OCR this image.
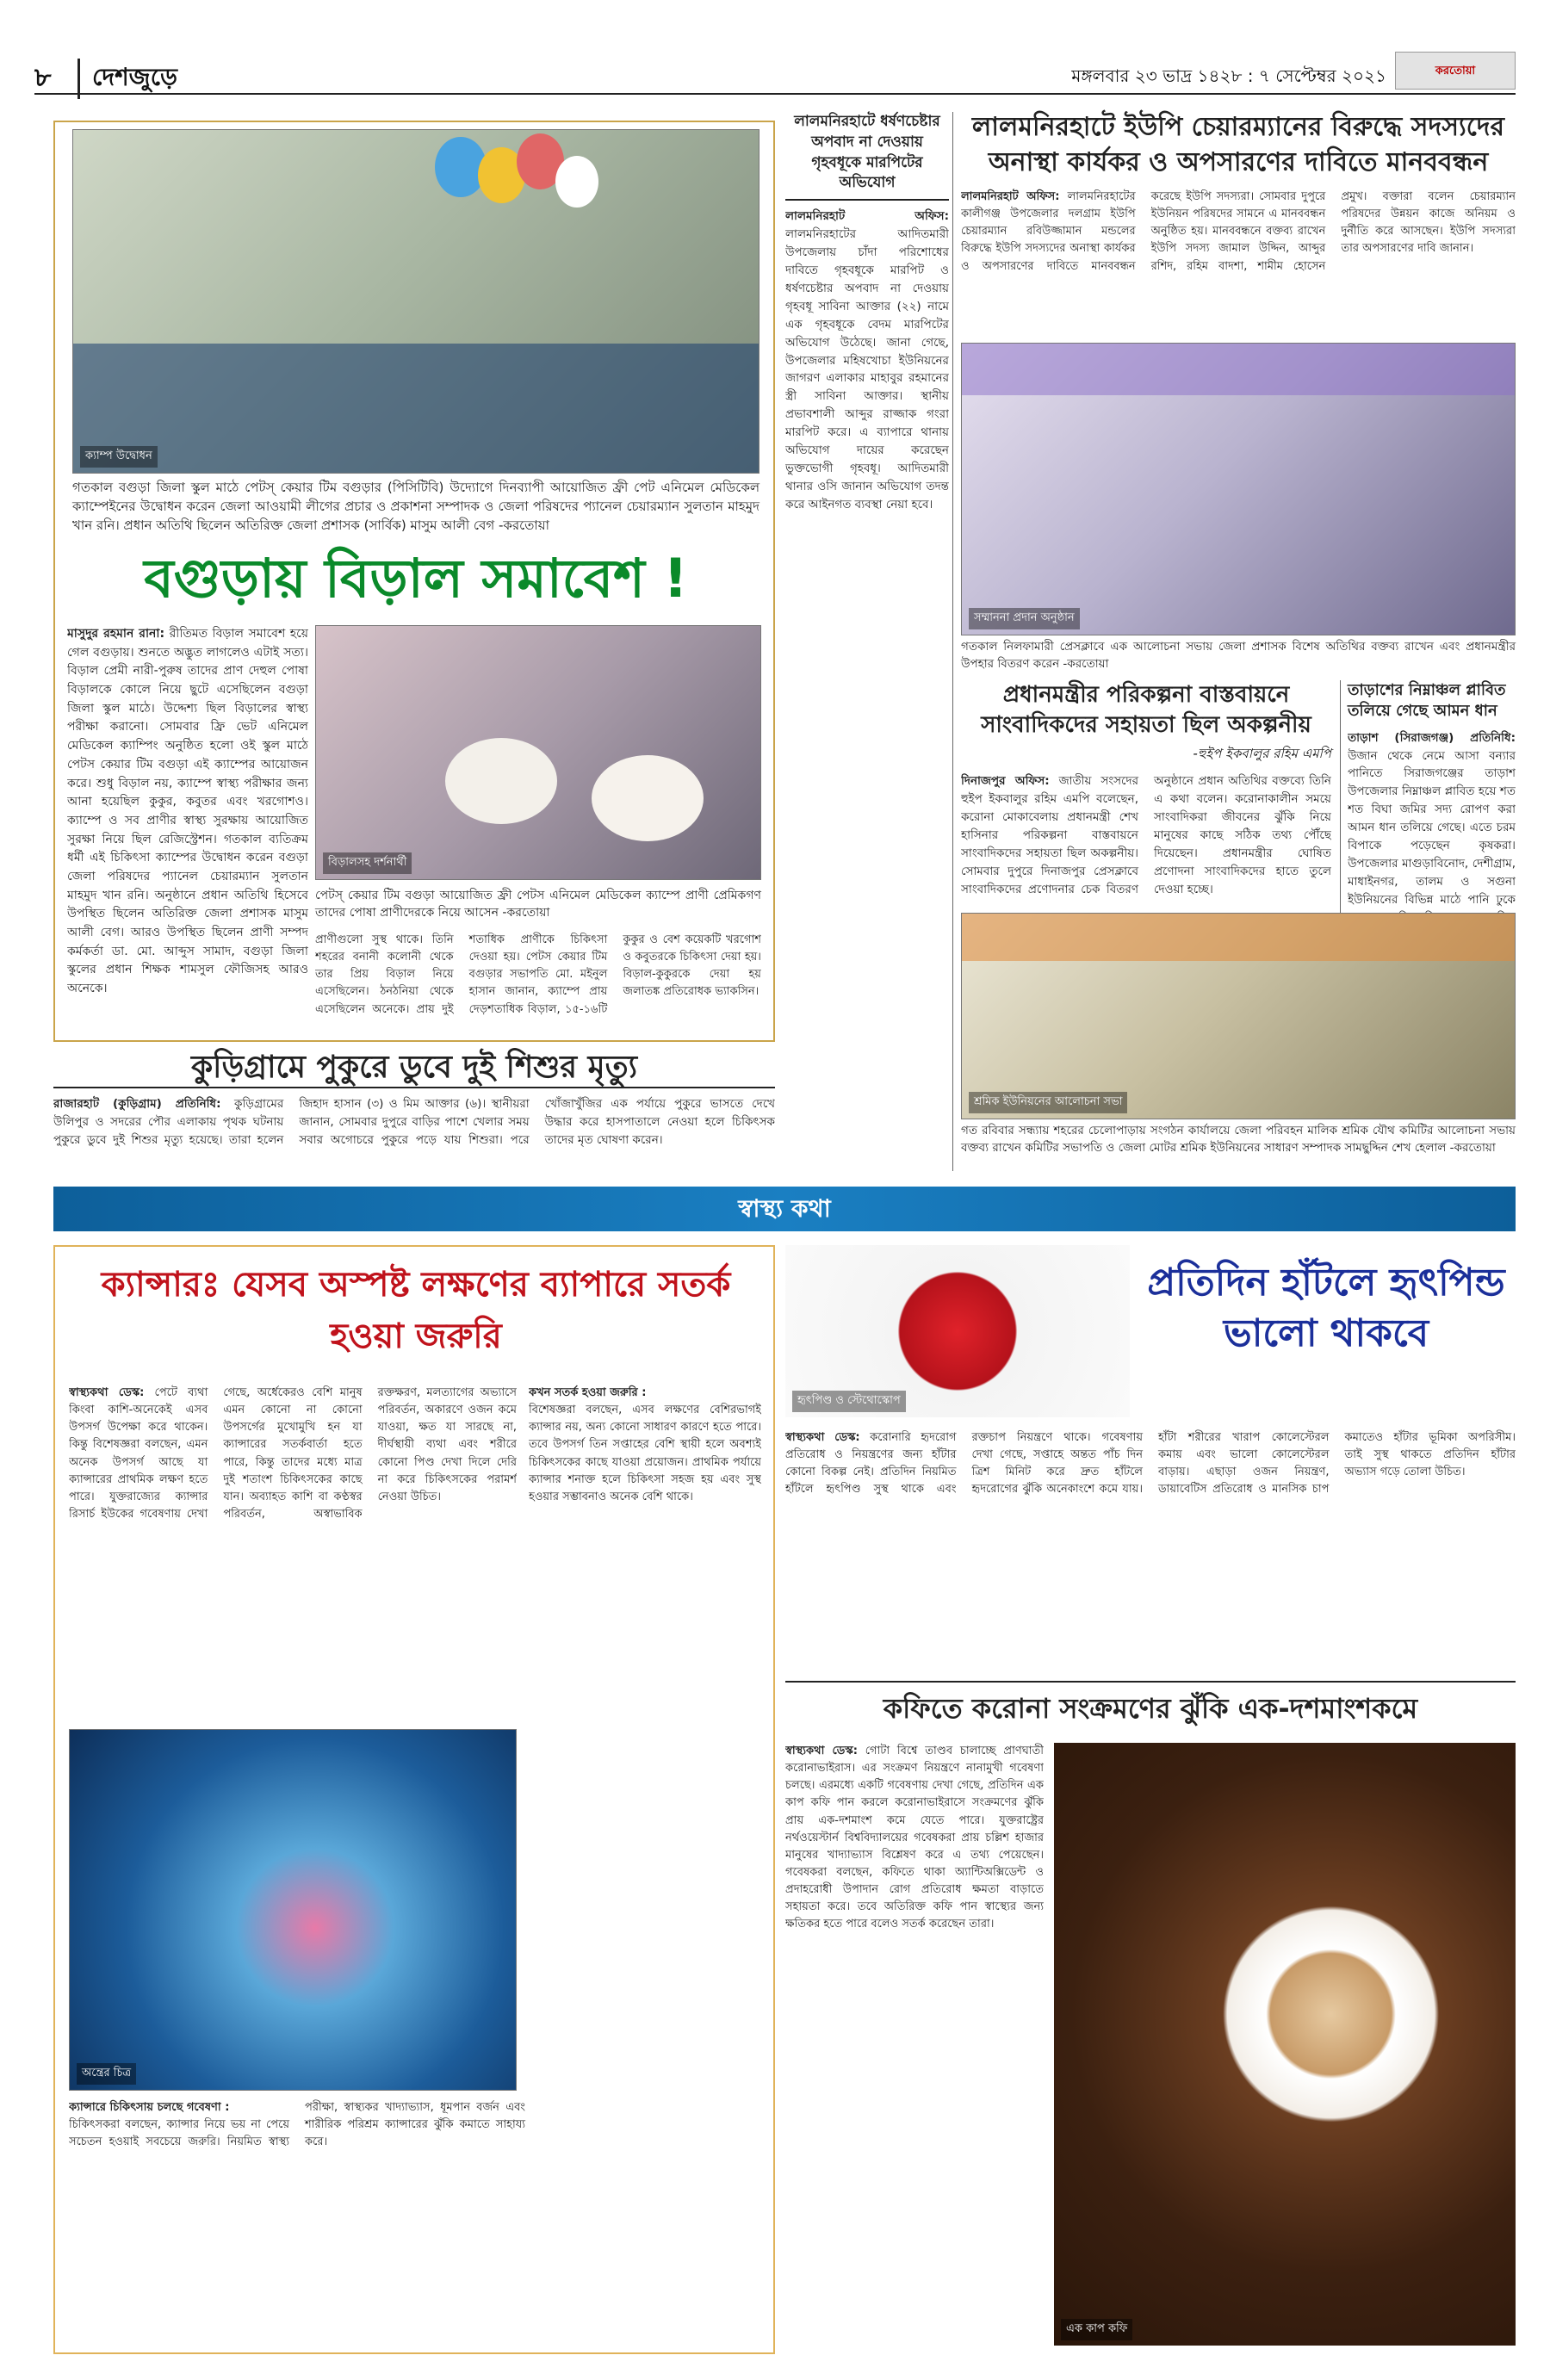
৮	দেশজুড়ে	মঙ্গলবার ২৩ ভাদ্র ১৪২৮ : ৭ সেপ্টেম্বর ২০২১	করতোয়া
ক্যাম্প উদ্বোধন

গতকাল বগুড়া জিলা স্কুল মাঠে পেটস্ কেয়ার টিম বগুড়ার (পিসিটিবি) উদ্যোগে দিনব্যাপী আয়োজিত ফ্রী পেট এনিমেল মেডিকেল ক্যাম্পেইনের উদ্বোধন করেন জেলা আওয়ামী লীগের প্রচার ও প্রকাশনা সম্পাদক ও জেলা পরিষদের প্যানেল চেয়ারম্যান সুলতান মাহমুদ খান রনি। প্রধান অতিথি ছিলেন অতিরিক্ত জেলা প্রশাসক (সার্বিক) মাসুম আলী বেগ -করতোয়া

বগুড়ায় বিড়াল সমাবেশ !
মাসুদুর রহমান রানা: রীতিমত বিড়াল সমাবেশ হয়ে গেল বগুড়ায়। শুনতে অদ্ভুত লাগলেও এটাই সত্য। বিড়াল প্রেমী নারী-পুরুষ তাদের প্রাণ দেহুল পোষা বিড়ালকে কোলে নিয়ে ছুটে এসেছিলেন বগুড়া জিলা স্কুল মাঠে। উদ্দেশ্য ছিল বিড়ালের স্বাস্থ্য পরীক্ষা করানো। সোমবার ফ্রি ভেট এনিমেল মেডিকেল ক্যাম্পিং অনুষ্ঠিত হলো ওই স্কুল মাঠে পেটস কেয়ার টিম বগুড়া এই ক্যাম্পের আয়োজন করে। শুধু বিড়াল নয়, ক্যাম্পে স্বাস্থ্য পরীক্ষার জন্য আনা হয়েছিল কুকুর, কবুতর এবং খরগোশও। ক্যাম্পে ও সব প্রাণীর স্বাস্থ্য সুরক্ষায় আয়োজিত সুরক্ষা নিয়ে ছিল রেজিস্ট্রেশন। গতকাল ব্যতিক্রম ধর্মী এই চিকিৎসা ক্যাম্পের উদ্বোধন করেন বগুড়া জেলা পরিষদের প্যানেল চেয়ারম্যান সুলতান মাহমুদ খান রনি। অনুষ্ঠানে প্রধান অতিথি হিসেবে উপস্থিত ছিলেন অতিরিক্ত জেলা প্রশাসক মাসুম আলী বেগ। আরও উপস্থিত ছিলেন প্রাণী সম্পদ কর্মকর্তা ডা. মো. আব্দুস সামাদ, বগুড়া জিলা স্কুলের প্রধান শিক্ষক শামসুল ফৌজিসহ আরও অনেকে।
বিড়ালসহ দর্শনার্থী

পেটস্ কেয়ার টিম বগুড়া আয়োজিত ফ্রী পেটস এনিমেল মেডিকেল ক্যাম্পে প্রাণী প্রেমিকগণ তাদের পোষা প্রাণীদেরকে নিয়ে আসেন -করতোয়া

প্রাণীগুলো সুস্থ থাকে। তিনি শহরের বনানী কলোনী থেকে তার প্রিয় বিড়াল নিয়ে এসেছিলেন। ঠনঠনিয়া থেকে এসেছিলেন অনেকে। প্রায় দুই শতাধিক প্রাণীকে চিকিৎসা দেওয়া হয়। পেটস কেয়ার টিম বগুড়ার সভাপতি মো. মইনুল হাসান জানান, ক্যাম্পে প্রায় দেড়শতাধিক বিড়াল, ১৫-১৬টি কুকুর ও বেশ কয়েকটি খরগোশ ও কবুতরকে চিকিৎসা দেয়া হয়। বিড়াল-কুকুরকে দেয়া হয় জলাতঙ্ক প্রতিরোধক ভ্যাকসিন।
কুড়িগ্রামে পুকুরে ডুবে দুই শিশুর মৃত্যু
রাজারহাট (কুড়িগ্রাম) প্রতিনিধি: কুড়িগ্রামের উলিপুর ও সদরের পৌর এলাকায় পৃথক ঘটনায় পুকুরে ডুবে দুই শিশুর মৃত্যু হয়েছে। তারা হলেন জিহাদ হাসান (৩) ও মিম আক্তার (৬)। স্থানীয়রা জানান, সোমবার দুপুরে বাড়ির পাশে খেলার সময় সবার অগোচরে পুকুরে পড়ে যায় শিশুরা। পরে খোঁজাখুঁজির এক পর্যায়ে পুকুরে ভাসতে দেখে উদ্ধার করে হাসপাতালে নেওয়া হলে চিকিৎসক তাদের মৃত ঘোষণা করেন।
লালমনিরহাটে ধর্ষণচেষ্টার অপবাদ না দেওয়ায় গৃহবধূকে মারপিটের অভিযোগ
লালমনিরহাট অফিস: লালমনিরহাটের আদিতমারী উপজেলায় চাঁদা পরিশোধের দাবিতে গৃহবধূকে মারপিট ও ধর্ষণচেষ্টার অপবাদ না দেওয়ায় গৃহবধূ সাবিনা আক্তার (২২) নামে এক গৃহবধূকে বেদম মারপিটের অভিযোগ উঠেছে। জানা গেছে, উপজেলার মহিষখোচা ইউনিয়নের জাগরণ এলাকার মাহাবুর রহমানের স্ত্রী সাবিনা আক্তার। স্থানীয় প্রভাবশালী আব্দুর রাজ্জাক গংরা মারপিট করে। এ ব্যাপারে থানায় অভিযোগ দায়ের করেছেন ভুক্তভোগী গৃহবধূ। আদিতমারী থানার ওসি জানান অভিযোগ তদন্ত করে আইনগত ব্যবস্থা নেয়া হবে।
লালমনিরহাটে ইউপি চেয়ারম্যানের বিরুদ্ধে সদস্যদের অনাস্থা কার্যকর ও অপসারণের দাবিতে মানববন্ধন
লালমনিরহাট অফিস: লালমনিরহাটের কালীগঞ্জ উপজেলার দলগ্রাম ইউপি চেয়ারম্যান রবিউজ্জামান মন্ডলের বিরুদ্ধে ইউপি সদস্যদের অনাস্থা কার্যকর ও অপসারণের দাবিতে মানববন্ধন করেছে ইউপি সদস্যরা। সোমবার দুপুরে ইউনিয়ন পরিষদের সামনে এ মানববন্ধন অনুষ্ঠিত হয়। মানববন্ধনে বক্তব্য রাখেন ইউপি সদস্য জামাল উদ্দিন, আব্দুর রশিদ, রহিম বাদশা, শামীম হোসেন প্রমুখ। বক্তারা বলেন চেয়ারম্যান পরিষদের উন্নয়ন কাজে অনিয়ম ও দুর্নীতি করে আসছেন। ইউপি সদস্যরা তার অপসারণের দাবি জানান।
সম্মাননা প্রদান অনুষ্ঠান

গতকাল নিলফামারী প্রেসক্লাবে এক আলোচনা সভায় জেলা প্রশাসক বিশেষ অতিথির বক্তব্য রাখেন এবং প্রধানমন্ত্রীর উপহার বিতরণ করেন -করতোয়া

প্রধানমন্ত্রীর পরিকল্পনা বাস্তবায়নে সাংবাদিকদের সহায়তা ছিল অকল্পনীয়
-হুইপ ইকবালুর রহিম এমপি
দিনাজপুর অফিস: জাতীয় সংসদের হুইপ ইকবালুর রহিম এমপি বলেছেন, করোনা মোকাবেলায় প্রধানমন্ত্রী শেখ হাসিনার পরিকল্পনা বাস্তবায়নে সাংবাদিকদের সহায়তা ছিল অকল্পনীয়। সোমবার দুপুরে দিনাজপুর প্রেসক্লাবে সাংবাদিকদের প্রণোদনার চেক বিতরণ অনুষ্ঠানে প্রধান অতিথির বক্তব্যে তিনি এ কথা বলেন। করোনাকালীন সময়ে সাংবাদিকরা জীবনের ঝুঁকি নিয়ে মানুষের কাছে সঠিক তথ্য পৌঁছে দিয়েছেন। প্রধানমন্ত্রীর ঘোষিত প্রণোদনা সাংবাদিকদের হাতে তুলে দেওয়া হচ্ছে।
তাড়াশের নিম্নাঞ্চল প্লাবিত তলিয়ে গেছে আমন ধান
তাড়াশ (সিরাজগঞ্জ) প্রতিনিধি: উজান থেকে নেমে আসা বন্যার পানিতে সিরাজগঞ্জের তাড়াশ উপজেলার নিম্নাঞ্চল প্লাবিত হয়ে শত শত বিঘা জমির সদ্য রোপণ করা আমন ধান তলিয়ে গেছে। এতে চরম বিপাকে পড়েছেন কৃষকরা। উপজেলার মাগুড়াবিনোদ, দেশীগ্রাম, মাধাইনগর, তালম ও সগুনা ইউনিয়নের বিভিন্ন মাঠে পানি ঢুকে
শ্রমিক ইউনিয়নের আলোচনা সভা

গত রবিবার সন্ধ্যায় শহরের চেলোপাড়ায় সংগঠন কার্যালয়ে জেলা পরিবহন মালিক শ্রমিক যৌথ কমিটির আলোচনা সভায় বক্তব্য রাখেন কমিটির সভাপতি ও জেলা মোটর শ্রমিক ইউনিয়নের সাধারণ সম্পাদক সামছুদ্দিন শেখ হেলাল -করতোয়া

স্বাস্থ্য কথা
ক্যান্সারঃ যেসব অস্পষ্ট লক্ষণের ব্যাপারে সতর্ক হওয়া জরুরি
স্বাস্থ্যকথা ডেস্ক: পেটে ব্যথা কিংবা কাশি-অনেকেই এসব উপসর্গ উপেক্ষা করে থাকেন। কিন্তু বিশেষজ্ঞরা বলছেন, এমন অনেক উপসর্গ আছে যা ক্যান্সারের প্রাথমিক লক্ষণ হতে পারে। যুক্তরাজ্যের ক্যান্সার রিসার্চ ইউকের গবেষণায় দেখা গেছে, অর্ধেকেরও বেশি মানুষ এমন কোনো না কোনো উপসর্গের মুখোমুখি হন যা ক্যান্সারের সতর্কবার্তা হতে পারে, কিন্তু তাদের মধ্যে মাত্র দুই শতাংশ চিকিৎসকের কাছে যান। অব্যাহত কাশি বা কণ্ঠস্বর পরিবর্তন, অস্বাভাবিক রক্তক্ষরণ, মলত্যাগের অভ্যাসে পরিবর্তন, অকারণে ওজন কমে যাওয়া, ক্ষত যা সারছে না, দীর্ঘস্থায়ী ব্যথা এবং শরীরে কোনো পিণ্ড দেখা দিলে দেরি না করে চিকিৎসকের পরামর্শ নেওয়া উচিত।
কখন সতর্ক হওয়া জরুরি :
বিশেষজ্ঞরা বলছেন, এসব লক্ষণের বেশিরভাগই ক্যান্সার নয়, অন্য কোনো সাধারণ কারণে হতে পারে। তবে উপসর্গ তিন সপ্তাহের বেশি স্থায়ী হলে অবশ্যই চিকিৎসকের কাছে যাওয়া প্রয়োজন। প্রাথমিক পর্যায়ে ক্যান্সার শনাক্ত হলে চিকিৎসা সহজ হয় এবং সুস্থ হওয়ার সম্ভাবনাও অনেক বেশি থাকে।
অন্ত্রের চিত্র
ক্যান্সারে চিকিৎসায় চলছে গবেষণা :
চিকিৎসকরা বলছেন, ক্যান্সার নিয়ে ভয় না পেয়ে সচেতন হওয়াই সবচেয়ে জরুরি। নিয়মিত স্বাস্থ্য পরীক্ষা, স্বাস্থ্যকর খাদ্যাভ্যাস, ধূমপান বর্জন এবং শারীরিক পরিশ্রম ক্যান্সারের ঝুঁকি কমাতে সাহায্য করে।
হৃৎপিণ্ড ও স্টেথোস্কোপ
প্রতিদিন হাঁটলে হৃৎপিন্ড ভালো থাকবে
স্বাস্থ্যকথা ডেস্ক: করোনারি হৃদরোগ প্রতিরোধ ও নিয়ন্ত্রণের জন্য হাঁটার কোনো বিকল্প নেই। প্রতিদিন নিয়মিত হাঁটলে হৃৎপিণ্ড সুস্থ থাকে এবং রক্তচাপ নিয়ন্ত্রণে থাকে। গবেষণায় দেখা গেছে, সপ্তাহে অন্তত পাঁচ দিন ত্রিশ মিনিট করে দ্রুত হাঁটলে হৃদরোগের ঝুঁকি অনেকাংশে কমে যায়। হাঁটা শরীরের খারাপ কোলেস্টেরল কমায় এবং ভালো কোলেস্টেরল বাড়ায়। এছাড়া ওজন নিয়ন্ত্রণ, ডায়াবেটিস প্রতিরোধ ও মানসিক চাপ কমাতেও হাঁটার ভূমিকা অপরিসীম। তাই সুস্থ থাকতে প্রতিদিন হাঁটার অভ্যাস গড়ে তোলা উচিত।
কফিতে করোনা সংক্রমণের ঝুঁকি এক-দশমাংশকমে
স্বাস্থ্যকথা ডেস্ক: গোটা বিশ্বে তাণ্ডব চালাচ্ছে প্রাণঘাতী করোনাভাইরাস। এর সংক্রমণ নিয়ন্ত্রণে নানামুখী গবেষণা চলছে। এরমধ্যে একটি গবেষণায় দেখা গেছে, প্রতিদিন এক কাপ কফি পান করলে করোনাভাইরাসে সংক্রমণের ঝুঁকি প্রায় এক-দশমাংশ কমে যেতে পারে। যুক্তরাষ্ট্রের নর্থওয়েস্টার্ন বিশ্ববিদ্যালয়ের গবেষকরা প্রায় চল্লিশ হাজার মানুষের খাদ্যাভ্যাস বিশ্লেষণ করে এ তথ্য পেয়েছেন। গবেষকরা বলছেন, কফিতে থাকা অ্যান্টিঅক্সিডেন্ট ও প্রদাহরোধী উপাদান রোগ প্রতিরোধ ক্ষমতা বাড়াতে সহায়তা করে। তবে অতিরিক্ত কফি পান স্বাস্থ্যের জন্য ক্ষতিকর হতে পারে বলেও সতর্ক করেছেন তারা।
এক কাপ কফি
